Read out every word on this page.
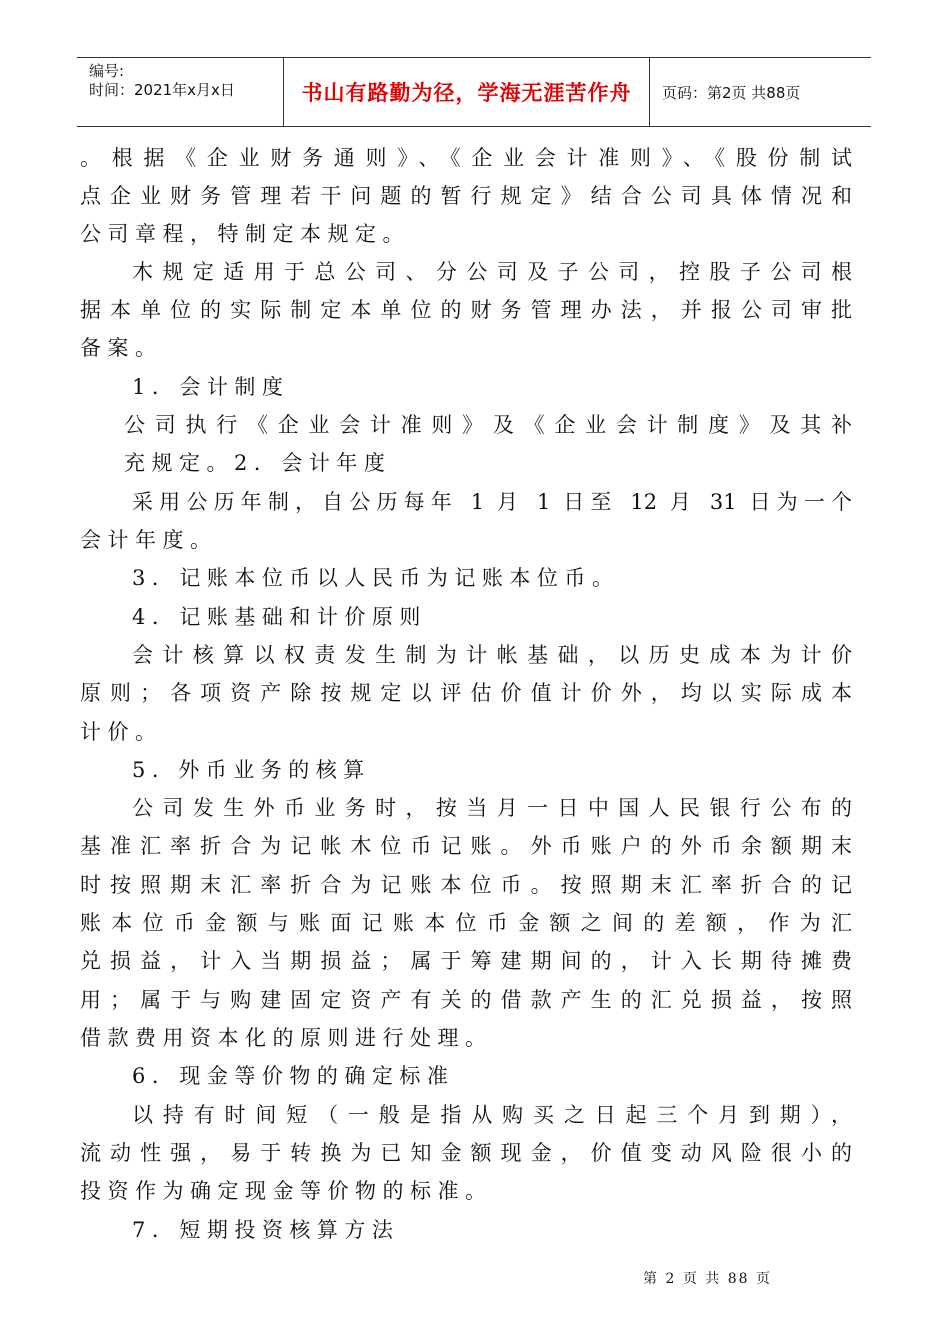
编号:
时间：2021年x月x日	书山有路勤为径，学海无涯苦作舟	页码：第2页 共88页
。根据《企业财务通则》、《企业会计准则》、《股份制试
点企业财务管理若干问题的暂行规定》结合公司具体情况和
公司章程，特制定本规定。
木规定适用于总公司、分公司及子公司，控股子公司根
据本单位的实际制定本单位的财务管理办法，并报公司审批
备案。
1．会计制度
公司执行《企业会计准则》及《企业会计制度》及其补
充规定。2．会计年度
采用公历年制，自公历每年 1 月 1 日至 12 月 31 日为一个
会计年度。
3．记账本位币以人民币为记账本位币。
4．记账基础和计价原则
会计核算以权责发生制为计帐基础，以历史成本为计价
原则；各项资产除按规定以评估价值计价外，均以实际成本
计价。
5. 外币业务的核算
公司发生外币业务时，按当月一日中国人民银行公布的
基准汇率折合为记帐木位币记账。外币账户的外币余额期末
时按照期末汇率折合为记账本位币。按照期末汇率折合的记
账本位币金额与账面记账本位币金额之间的差额，作为汇
兑损益，计入当期损益；属于筹建期间的，计入长期待摊费
用；属于与购建固定资产有关的借款产生的汇兑损益，按照
借款费用资本化的原则进行处理。
6．现金等价物的确定标准
以持有时间短（一般是指从购买之日起三个月到期），
流动性强，易于转换为已知金额现金，价值变动风险很小的
投资作为确定现金等价物的标准。
7．短期投资核算方法
第 2 页 共 88 页
